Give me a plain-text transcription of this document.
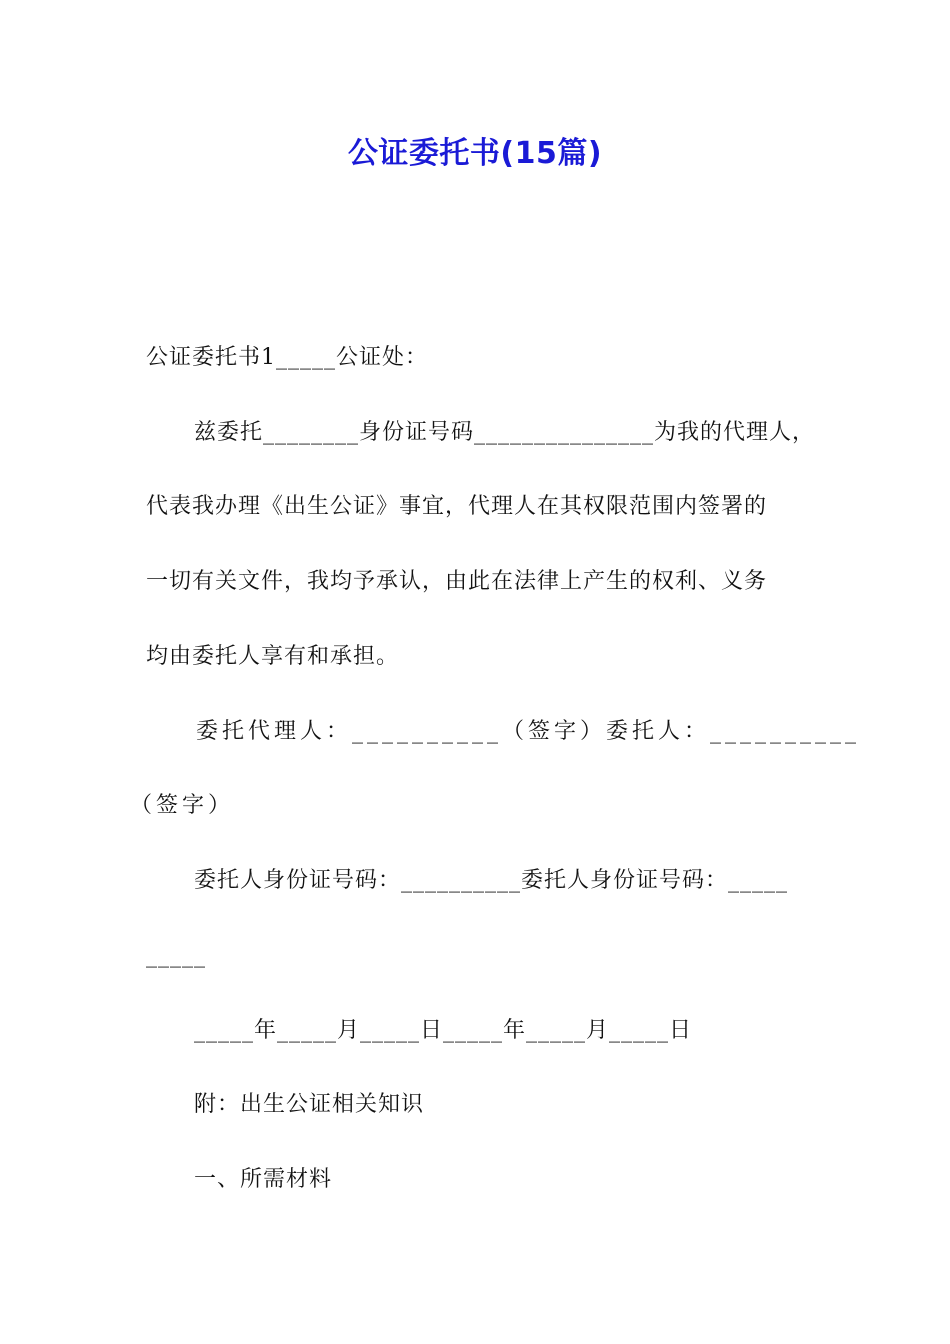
公证委托书(15篇)
公证委托书1_____公证处：
兹委托________身份证号码_______________为我的代理人，
代表我办理《出生公证》事宜，代理人在其权限范围内签署的
一切有关文件，我均予承认，由此在法律上产生的权利、义务
均由委托人享有和承担。
委托代理人：__________（签字）委托人：__________
（签字）
委托人身份证号码：__________委托人身份证号码：_____
_____
_____年_____月_____日_____年_____月_____日
附：出生公证相关知识
一、所需材料
